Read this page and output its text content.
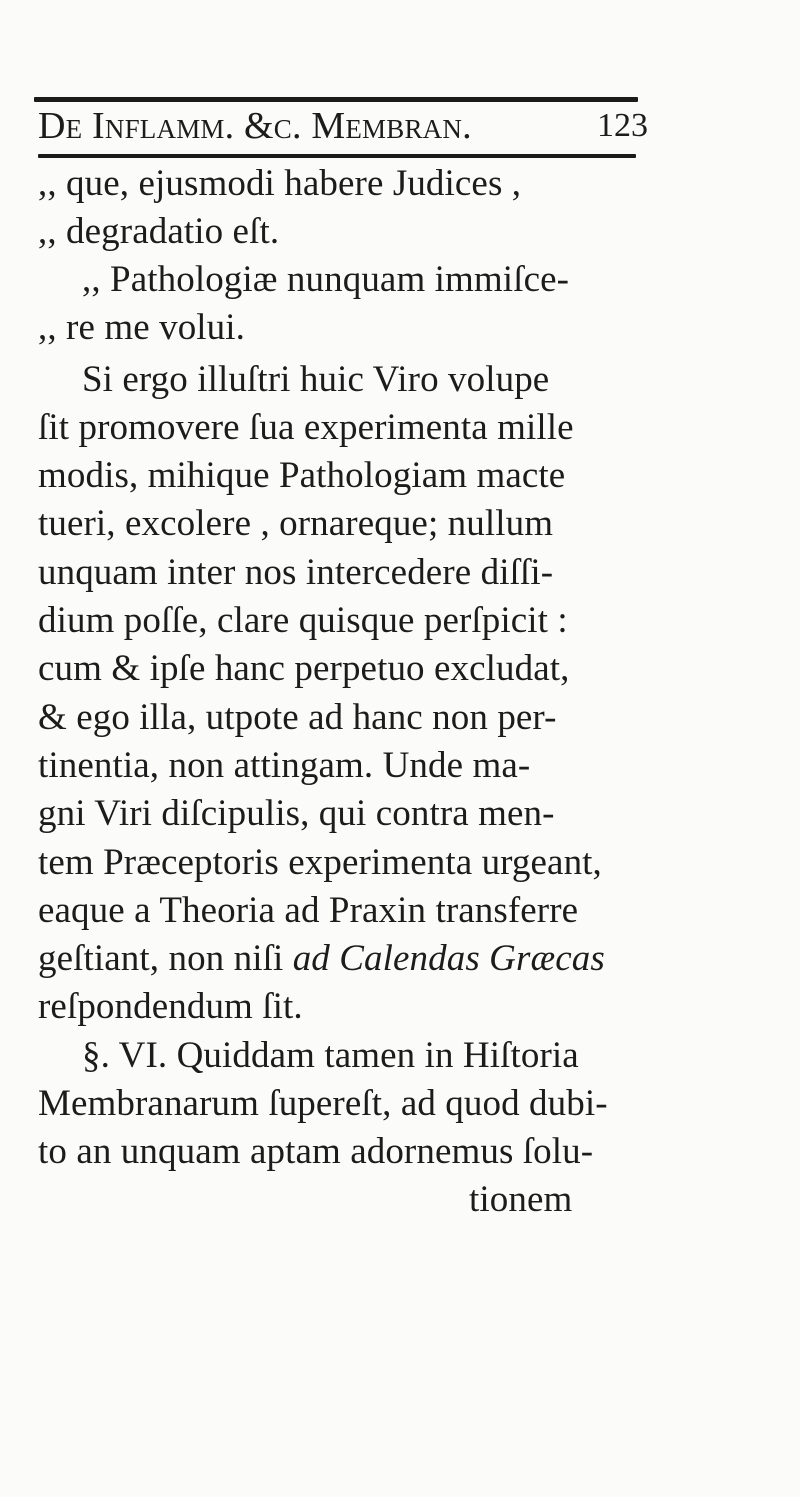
De Inflamm. &c. Membran.	123
,, que, ejusmodi habere Judices ,
,, degradatio eſt.
,, Pathologiæ nunquam immiſce-
,, re me volui.
Si ergo illuſtri huic Viro volupe
ſit promovere ſua experimenta mille
modis, mihique Pathologiam macte
tueri, excolere , ornareque; nullum
unquam inter nos intercedere diſſi-
dium poſſe, clare quisque perſpicit :
cum & ipſe hanc perpetuo excludat,
& ego illa, utpote ad hanc non per-
tinentia, non attingam. Unde ma-
gni Viri diſcipulis, qui contra men-
tem Præceptoris experimenta urgeant,
eaque a Theoria ad Praxin transferre
geſtiant, non niſi ad Calendas Græcas
reſpondendum ſit.
§. VI. Quiddam tamen in Hiſtoria
Membranarum ſupereſt, ad quod dubi-
to an unquam aptam adornemus ſolu-
tionem
